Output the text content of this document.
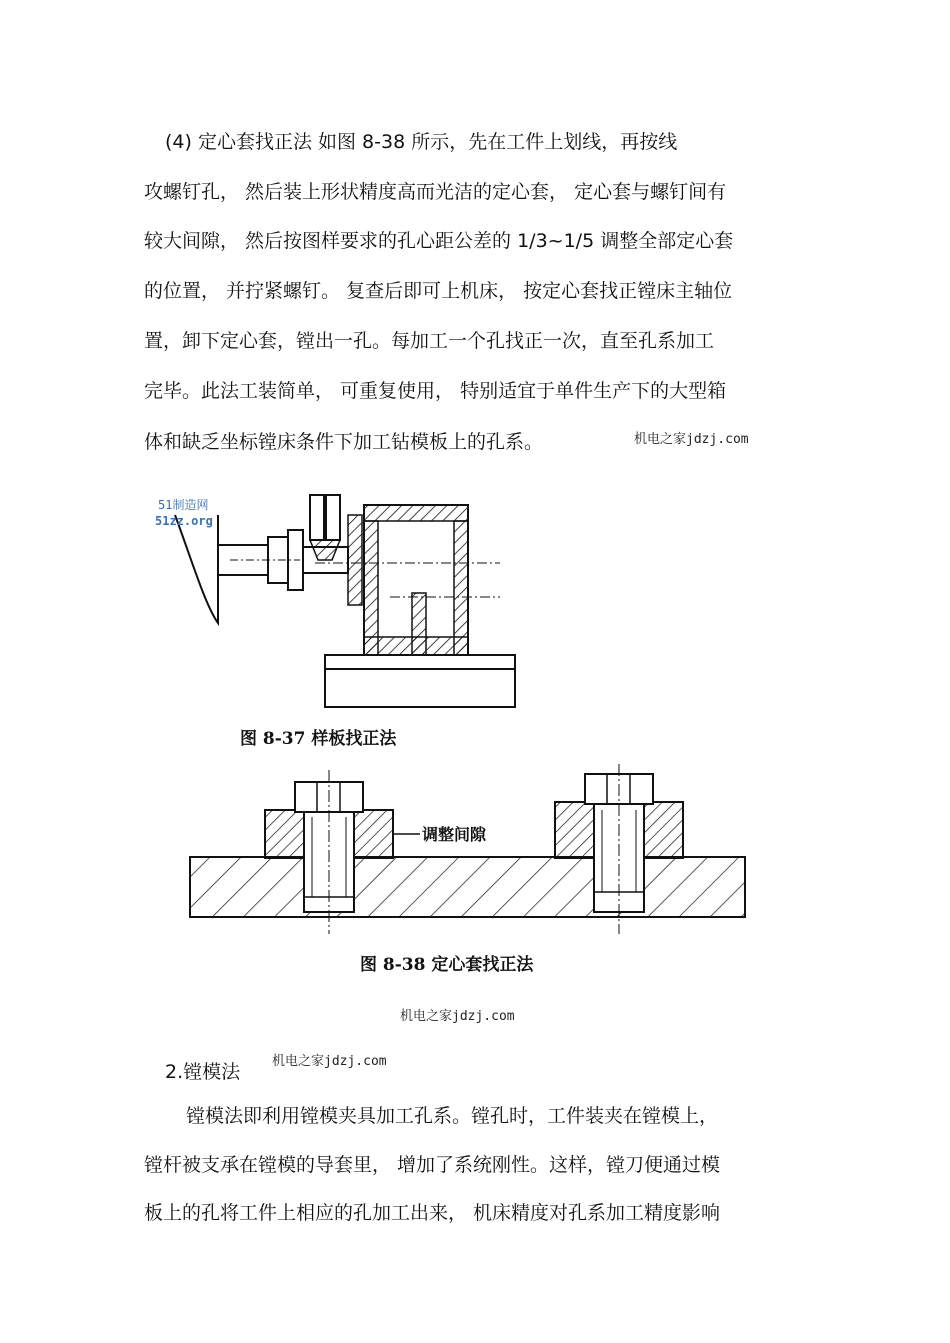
(4) 定心套找正法 如图 8-38 所示，先在工件上划线，再按线
攻螺钉孔， 然后装上形状精度高而光洁的定心套， 定心套与螺钉间有
较大间隙， 然后按图样要求的孔心距公差的 1/3~1/5 调整全部定心套
的位置， 并拧紧螺钉。 复查后即可上机床， 按定心套找正镗床主轴位
置，卸下定心套，镗出一孔。每加工一个孔找正一次，直至孔系加工
完毕。此法工装简单， 可重复使用， 特别适宜于单件生产下的大型箱
体和缺乏坐标镗床条件下加工钻模板上的孔系。	机电之家jdzj.com
51制造网
51zz.org
图 8-37 样板找正法
调整间隙
图 8-38 定心套找正法
机电之家jdzj.com
2.镗模法 机电之家jdzj.com
镗模法即利用镗模夹具加工孔系。镗孔时，工件装夹在镗模上，
镗杆被支承在镗模的导套里， 增加了系统刚性。这样，镗刀便通过模
板上的孔将工件上相应的孔加工出来， 机床精度对孔系加工精度影响
